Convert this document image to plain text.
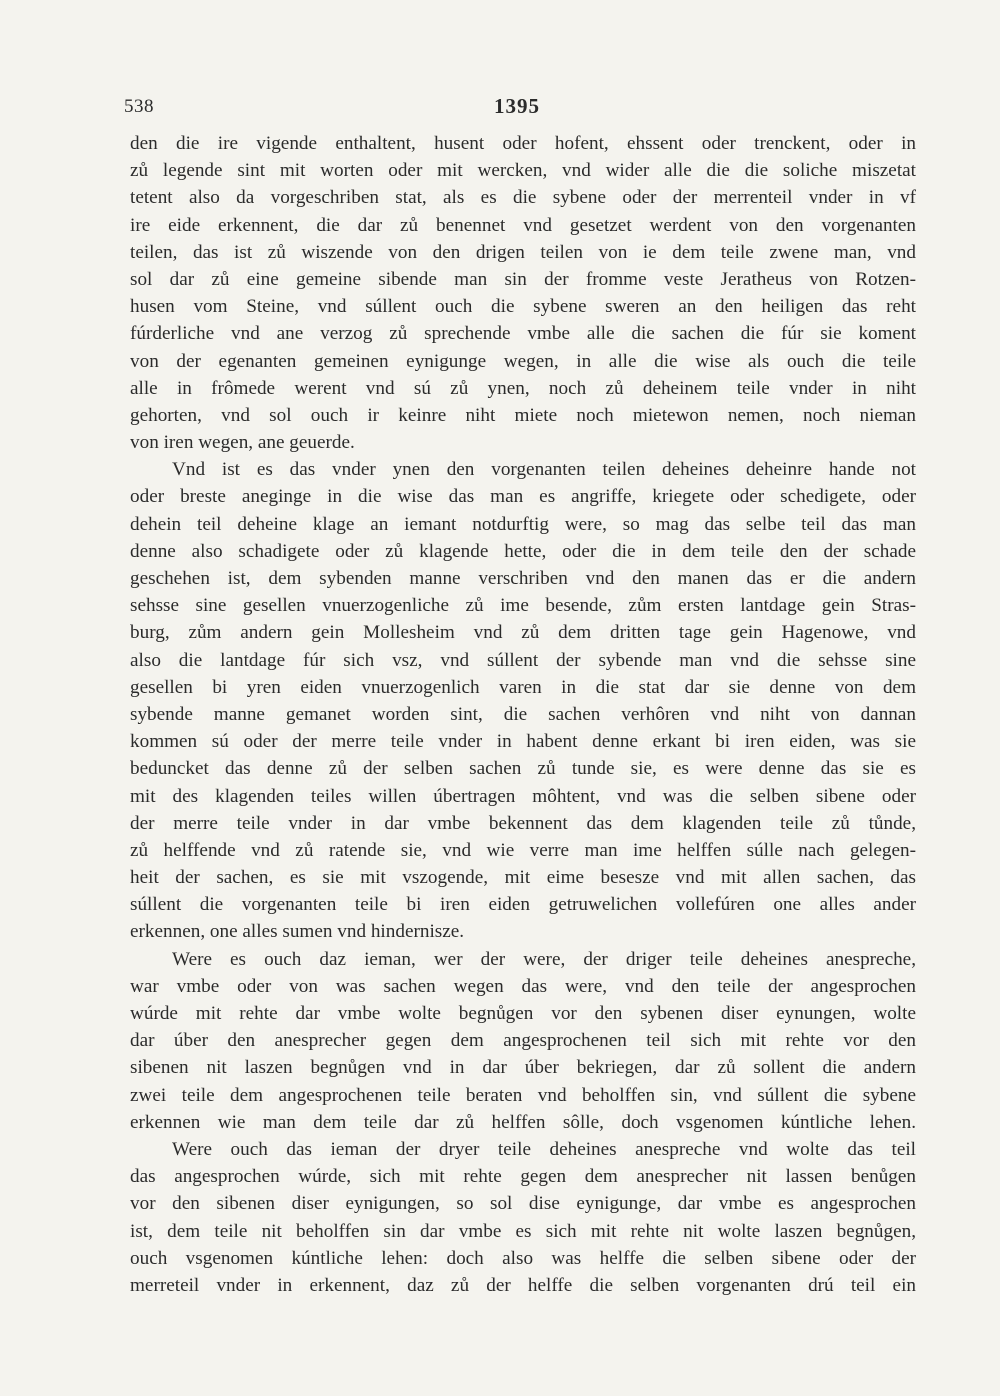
538	1395
den die ire vigende enthaltent, husent oder hofent, ehssent oder trenckent, oder in
zů legende sint mit worten oder mit wercken, vnd wider alle die die soliche miszetat
tetent also da vorgeschriben stat, als es die sybene oder der merrenteil vnder in vf
ire eide erkennent, die dar zů benennet vnd gesetzet werdent von den vorgenanten
teilen, das ist zů wiszende von den drigen teilen von ie dem teile zwene man, vnd
sol dar zů eine gemeine sibende man sin der fromme veste Jeratheus von Rotzen-
husen vom Steine, vnd súllent ouch die sybene sweren an den heiligen das reht
fúrderliche vnd ane verzog zů sprechende vmbe alle die sachen die fúr sie koment
von der egenanten gemeinen eynigunge wegen, in alle die wise als ouch die teile
alle in frômede werent vnd sú zů ynen, noch zů deheinem teile vnder in niht
gehorten, vnd sol ouch ir keinre niht miete noch mietewon nemen, noch nieman
von iren wegen, ane geuerde.
Vnd ist es das vnder ynen den vorgenanten teilen deheines deheinre hande not
oder breste aneginge in die wise das man es angriffe, kriegete oder schedigete, oder
dehein teil deheine klage an iemant notdurftig were, so mag das selbe teil das man
denne also schadigete oder zů klagende hette, oder die in dem teile den der schade
geschehen ist, dem sybenden manne verschriben vnd den manen das er die andern
sehsse sine gesellen vnuerzogenliche zů ime besende, zům ersten lantdage gein Stras-
burg, zům andern gein Mollesheim vnd zů dem dritten tage gein Hagenowe, vnd
also die lantdage fúr sich vsz, vnd súllent der sybende man vnd die sehsse sine
gesellen bi yren eiden vnuerzogenlich varen in die stat dar sie denne von dem
sybende manne gemanet worden sint, die sachen verhôren vnd niht von dannan
kommen sú oder der merre teile vnder in habent denne erkant bi iren eiden, was sie
beduncket das denne zů der selben sachen zů tunde sie, es were denne das sie es
mit des klagenden teiles willen úbertragen môhtent, vnd was die selben sibene oder
der merre teile vnder in dar vmbe bekennent das dem klagenden teile zů tůnde,
zů helffende vnd zů ratende sie, vnd wie verre man ime helffen súlle nach gelegen-
heit der sachen, es sie mit vszogende, mit eime besesze vnd mit allen sachen, das
súllent die vorgenanten teile bi iren eiden getruwelichen vollefúren one alles ander
erkennen, one alles sumen vnd hindernisze.
Were es ouch daz ieman, wer der were, der driger teile deheines anespreche,
war vmbe oder von was sachen wegen das were, vnd den teile der angesprochen
wúrde mit rehte dar vmbe wolte begnůgen vor den sybenen diser eynungen, wolte
dar úber den anesprecher gegen dem angesprochenen teil sich mit rehte vor den
sibenen nit laszen begnůgen vnd in dar úber bekriegen, dar zů sollent die andern
zwei teile dem angesprochenen teile beraten vnd beholffen sin, vnd súllent die sybene
erkennen wie man dem teile dar zů helffen sôlle, doch vsgenomen kúntliche lehen.
Were ouch das ieman der dryer teile deheines anespreche vnd wolte das teil
das angesprochen wúrde, sich mit rehte gegen dem anesprecher nit lassen benůgen
vor den sibenen diser eynigungen, so sol dise eynigunge, dar vmbe es angesprochen
ist, dem teile nit beholffen sin dar vmbe es sich mit rehte nit wolte laszen begnůgen,
ouch vsgenomen kúntliche lehen: doch also was helffe die selben sibene oder der
merreteil vnder in erkennent, daz zů der helffe die selben vorgenanten drú teil ein
